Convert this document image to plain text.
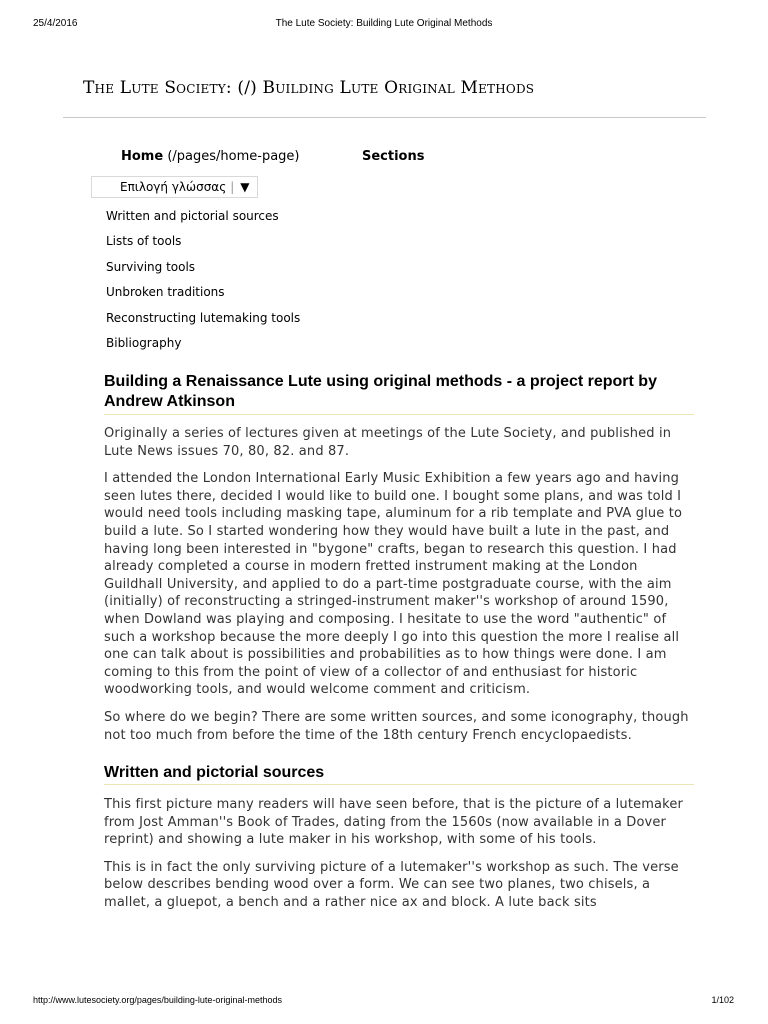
25/4/2016	The Lute Society: Building Lute Original Methods
The Lute Society: (/) Building Lute Original Methods
Home (/pages/home-page)	Sections
Επιλογή γλώσσας | ▼
Written and pictorial sources
Lists of tools
Surviving tools
Unbroken traditions
Reconstructing lutemaking tools
Bibliography
Building a Renaissance Lute using original methods - a project report by Andrew Atkinson

Originally a series of lectures given at meetings of the Lute Society, and published in Lute News issues 70, 80, 82. and 87.

I attended the London International Early Music Exhibition a few years ago and having seen lutes there, decided I would like to build one. I bought some plans, and was told I would need tools including masking tape, aluminum for a rib template and PVA glue to build a lute. So I started wondering how they would have built a lute in the past, and having long been interested in "bygone" crafts, began to research this question. I had already completed a course in modern fretted instrument making at the London Guildhall University, and applied to do a part-time postgraduate course, with the aim (initially) of reconstructing a stringed-instrument maker''s workshop of around 1590, when Dowland was playing and composing. I hesitate to use the word "authentic" of such a workshop because the more deeply I go into this question the more I realise all one can talk about is possibilities and probabilities as to how things were done. I am coming to this from the point of view of a collector of and enthusiast for historic woodworking tools, and would welcome comment and criticism.

So where do we begin? There are some written sources, and some iconography, though not too much from before the time of the 18th century French encyclopaedists.

Written and pictorial sources

This first picture many readers will have seen before, that is the picture of a lutemaker from Jost Amman''s Book of Trades, dating from the 1560s (now available in a Dover reprint) and showing a lute maker in his workshop, with some of his tools.

This is in fact the only surviving picture of a lutemaker''s workshop as such. The verse below describes bending wood over a form. We can see two planes, two chisels, a mallet, a gluepot, a bench and a rather nice ax and block. A lute back sits

http://www.lutesociety.org/pages/building-lute-original-methods	1/102
